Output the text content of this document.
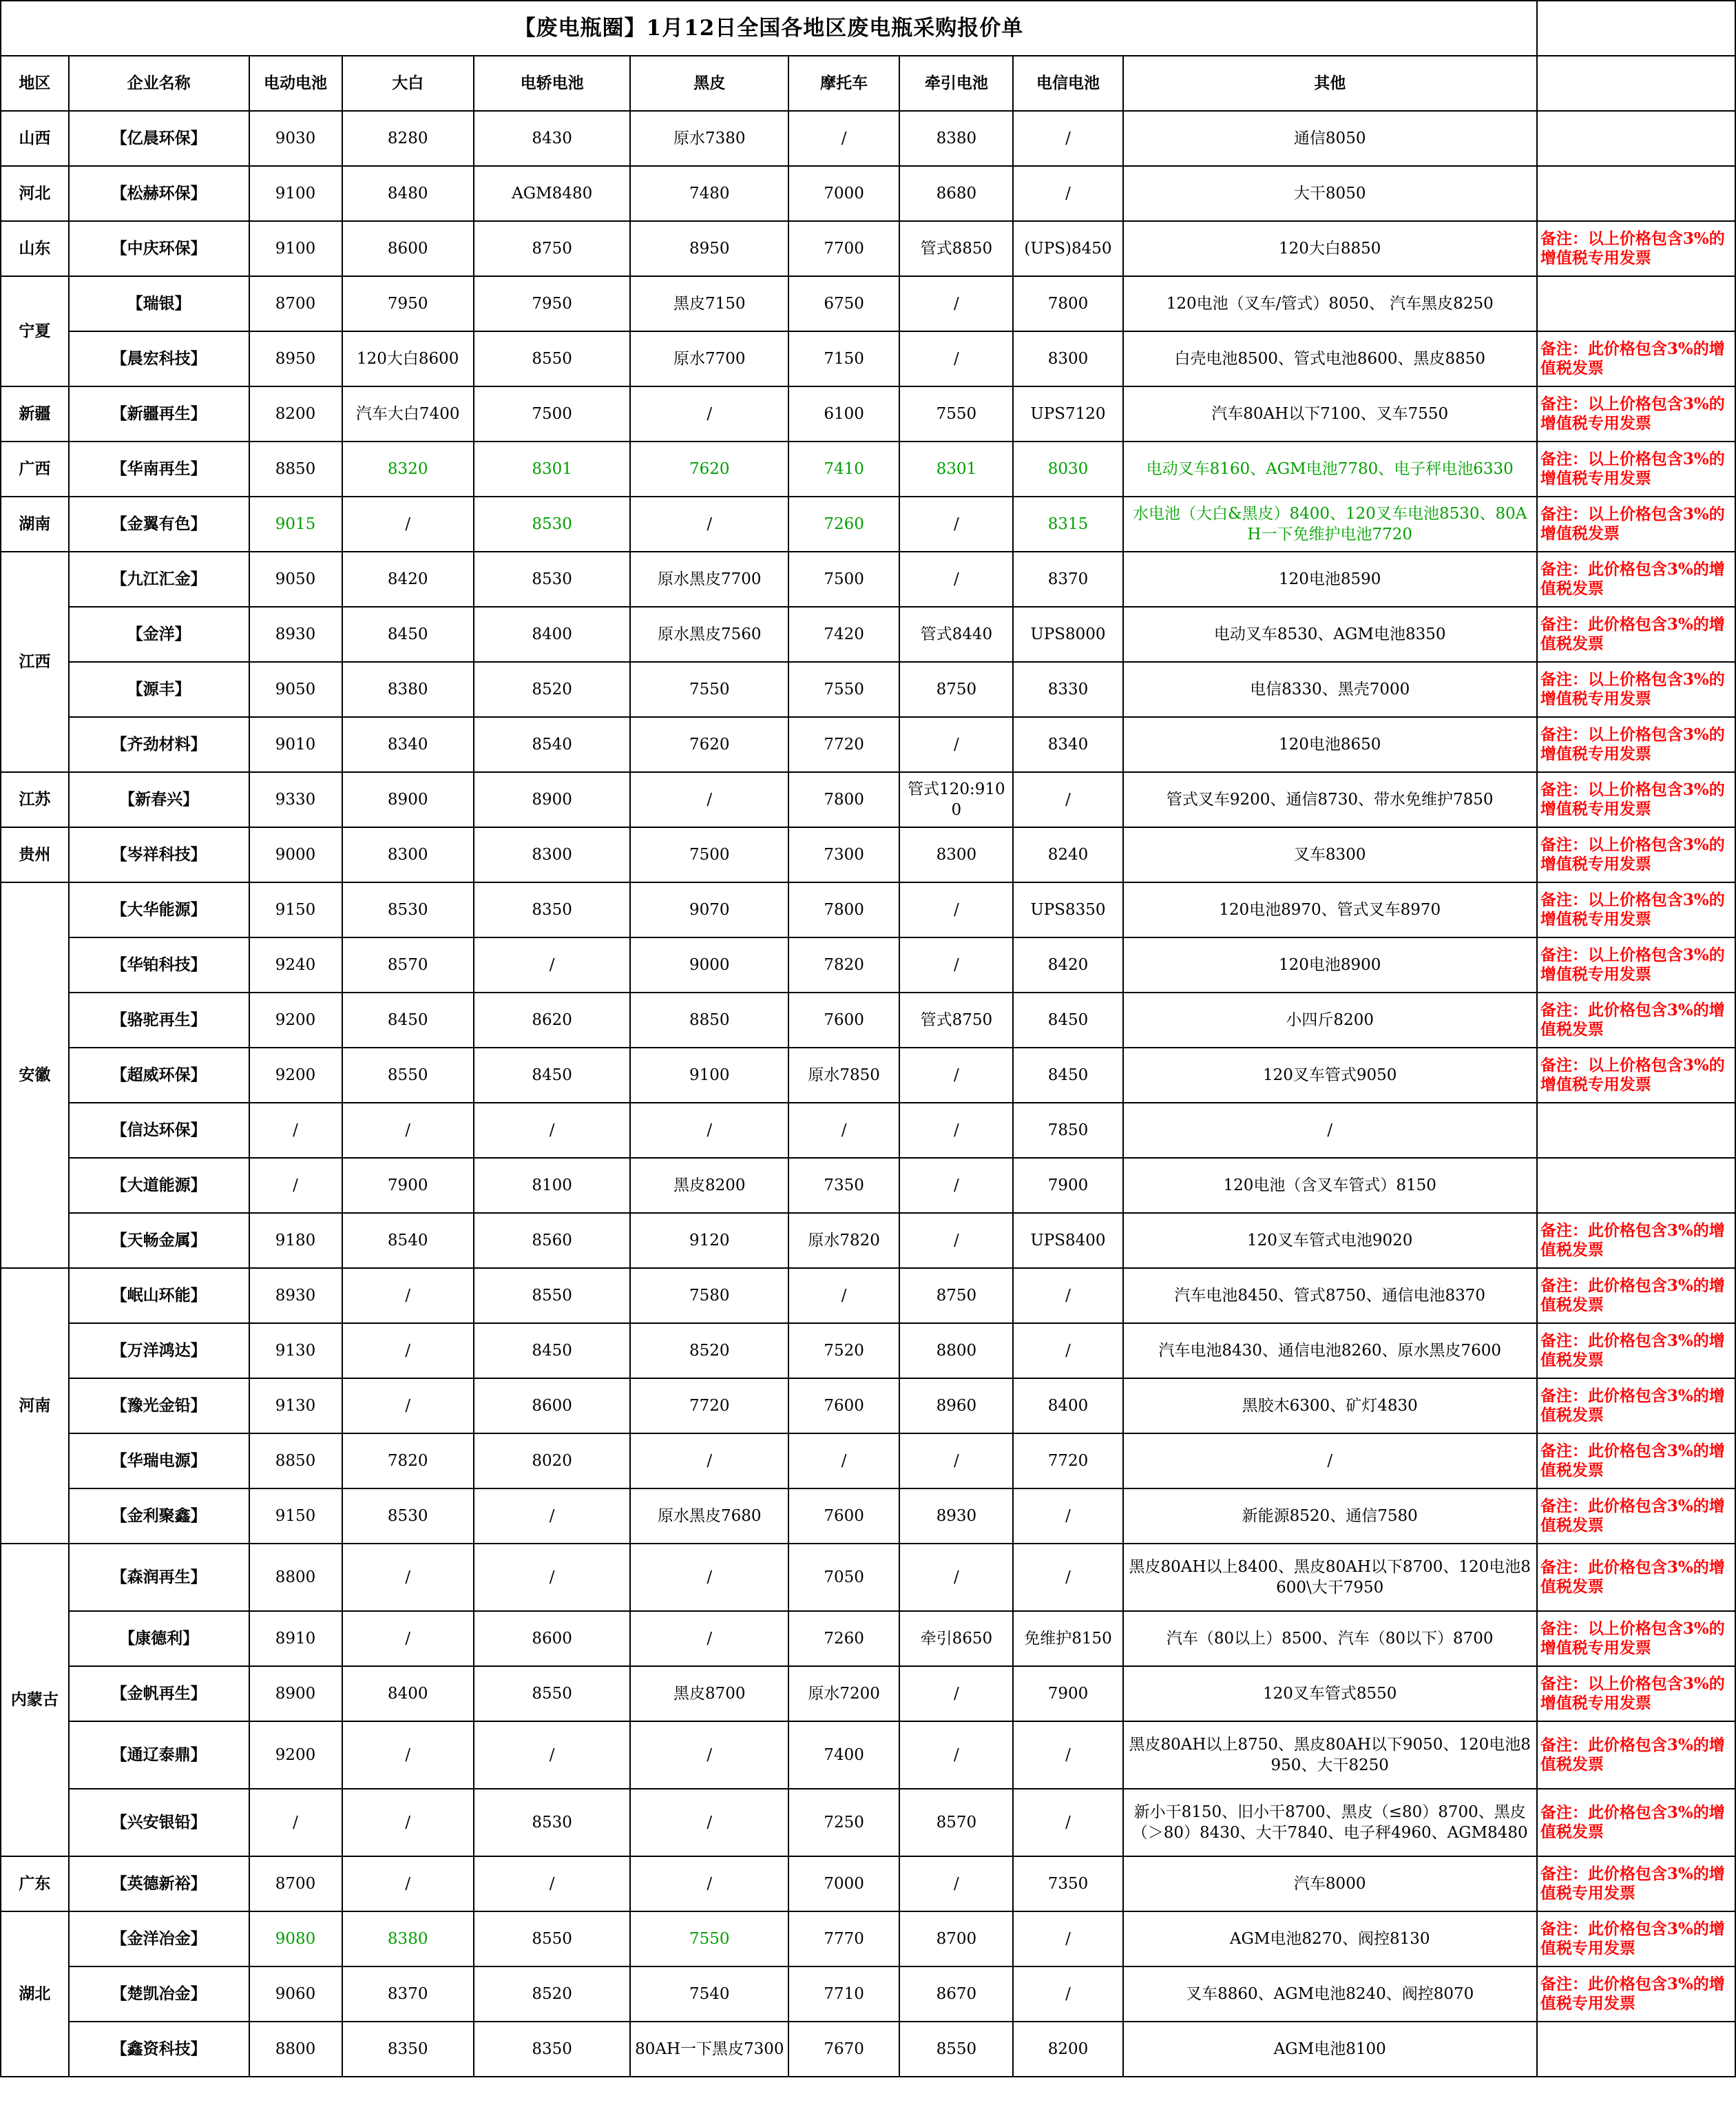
【废电瓶圈】1月12日全国各地区废电瓶采购报价单										
地区	企业名称	电动电池	大白	电轿电池	黑皮	摩托车	牵引电池	电信电池	其他	
山西	【亿晨环保】	9030	8280	8430	原水7380	/	8380	/	通信8050	
河北	【松赫环保】	9100	8480	AGM8480	7480	7000	8680	/	大干8050	
山东	【中庆环保】	9100	8600	8750	8950	7700	管式8850	(UPS)8450	120大白8850	备注：以上价格包含3%的增值税专用发票
宁夏	【瑞银】	8700	7950	7950	黑皮7150	6750	/	7800	120电池（叉车/管式）8050、 汽车黑皮8250	
	【晨宏科技】	8950	120大白8600	8550	原水7700	7150	/	8300	白壳电池8500、管式电池8600、黑皮8850	备注：此价格包含3%的增值税发票
新疆	【新疆再生】	8200	汽车大白7400	7500	/	6100	7550	UPS7120	汽车80AH以下7100、叉车7550	备注：以上价格包含3%的增值税专用发票
广西	【华南再生】	8850	8320	8301	7620	7410	8301	8030	电动叉车8160、AGM电池7780、电子秤电池6330	备注：以上价格包含3%的增值税专用发票
湖南	【金翼有色】	9015	/	8530	/	7260	/	8315	水电池（大白&黑皮）8400、120叉车电池8530、80AH一下免维护电池7720	备注：以上价格包含3%的增值税发票
江西	【九江汇金】	9050	8420	8530	原水黑皮7700	7500	/	8370	120电池8590	备注：此价格包含3%的增值税发票
	【金洋】	8930	8450	8400	原水黑皮7560	7420	管式8440	UPS8000	电动叉车8530、AGM电池8350	备注：此价格包含3%的增值税发票
	【源丰】	9050	8380	8520	7550	7550	8750	8330	电信8330、黑壳7000	备注：以上价格包含3%的增值税专用发票
	【齐劲材料】	9010	8340	8540	7620	7720	/	8340	120电池8650	备注：以上价格包含3%的增值税专用发票
江苏	【新春兴】	9330	8900	8900	/	7800	管式120:9100	/	管式叉车9200、通信8730、带水免维护7850	备注：以上价格包含3%的增值税专用发票
贵州	【岑祥科技】	9000	8300	8300	7500	7300	8300	8240	叉车8300	备注：以上价格包含3%的增值税专用发票
安徽	【大华能源】	9150	8530	8350	9070	7800	/	UPS8350	120电池8970、管式叉车8970	备注：以上价格包含3%的增值税专用发票
	【华铂科技】	9240	8570	/	9000	7820	/	8420	120电池8900	备注：以上价格包含3%的增值税专用发票
	【骆驼再生】	9200	8450	8620	8850	7600	管式8750	8450	小四斤8200	备注：此价格包含3%的增值税发票
	【超威环保】	9200	8550	8450	9100	原水7850	/	8450	120叉车管式9050	备注：以上价格包含3%的增值税专用发票
	【信达环保】	/	/	/	/	/	/	7850	/	
	【大道能源】	/	7900	8100	黑皮8200	7350	/	7900	120电池（含叉车管式）8150	
	【天畅金属】	9180	8540	8560	9120	原水7820	/	UPS8400	120叉车管式电池9020	备注：此价格包含3%的增值税发票
河南	【岷山环能】	8930	/	8550	7580	/	8750	/	汽车电池8450、管式8750、通信电池8370	备注：此价格包含3%的增值税发票
	【万洋鸿达】	9130	/	8450	8520	7520	8800	/	汽车电池8430、通信电池8260、原水黑皮7600	备注：此价格包含3%的增值税发票
	【豫光金铅】	9130	/	8600	7720	7600	8960	8400	黑胶木6300、矿灯4830	备注：此价格包含3%的增值税发票
	【华瑞电源】	8850	7820	8020	/	/	/	7720	/	备注：此价格包含3%的增值税发票
	【金利聚鑫】	9150	8530	/	原水黑皮7680	7600	8930	/	新能源8520、通信7580	备注：此价格包含3%的增值税发票
内蒙古	【森润再生】	8800	/	/	/	7050	/	/	黑皮80AH以上8400、黑皮80AH以下8700、120电池8600\大干7950	备注：此价格包含3%的增值税发票
	【康德利】	8910	/	8600	/	7260	牵引8650	免维护8150	汽车（80以上）8500、汽车（80以下）8700	备注：以上价格包含3%的增值税专用发票
	【金帆再生】	8900	8400	8550	黑皮8700	原水7200	/	7900	120叉车管式8550	备注：以上价格包含3%的增值税专用发票
	【通辽泰鼎】	9200	/	/	/	7400	/	/	黑皮80AH以上8750、黑皮80AH以下9050、120电池8950、大干8250	备注：此价格包含3%的增值税发票
	【兴安银铅】	/	/	8530	/	7250	8570	/	新小干8150、旧小干8700、黑皮（≤80）8700、黑皮（＞80）8430、大干7840、电子秤4960、AGM8480	备注：此价格包含3%的增值税发票
广东	【英德新裕】	8700	/	/	/	7000	/	7350	汽车8000	备注：此价格包含3%的增值税专用发票
湖北	【金洋冶金】	9080	8380	8550	7550	7770	8700	/	AGM电池8270、阀控8130	备注：此价格包含3%的增值税专用发票
	【楚凯冶金】	9060	8370	8520	7540	7710	8670	/	叉车8860、AGM电池8240、阀控8070	备注：此价格包含3%的增值税专用发票
	【鑫资科技】	8800	8350	8350	80AH一下黑皮7300	7670	8550	8200	AGM电池8100	
